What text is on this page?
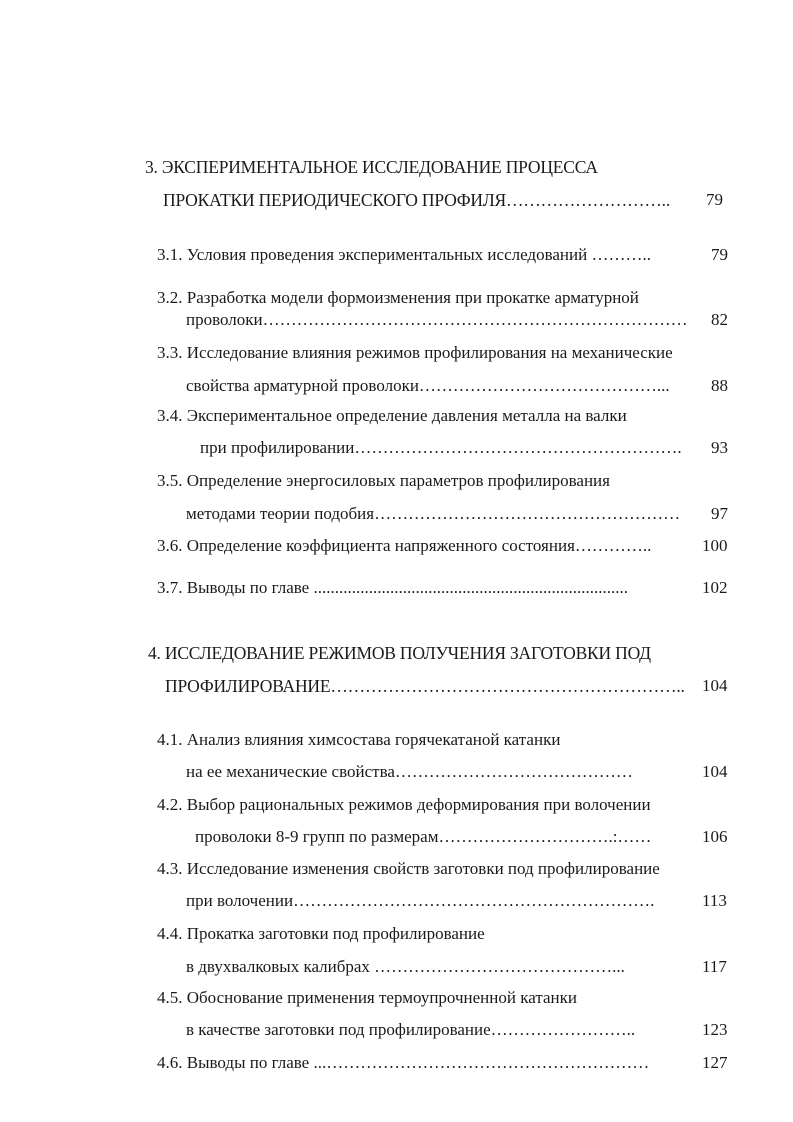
3. ЭКСПЕРИМЕНТАЛЬНОЕ ИССЛЕДОВАНИЕ ПРОЦЕССА
ПРОКАТКИ ПЕРИОДИЧЕСКОГО ПРОФИЛЯ………………………..	79
3.1. Условия проведения экспериментальных исследований ………..	79
3.2. Разработка модели формоизменения при прокатке арматурной
проволоки…………………………………………………………………	82
3.3. Исследование влияния режимов профилирования на механические
свойства арматурной проволоки……………………………………...	88
3.4. Экспериментальное определение давления металла на валки
при профилировании………………………………………………….	93
3.5. Определение энергосиловых параметров профилирования
методами теории подобия………………………………………………	97
3.6. Определение коэффициента напряженного состояния…………..	100
3.7. Выводы по главе ..........................................................................	102
4. ИССЛЕДОВАНИЕ РЕЖИМОВ ПОЛУЧЕНИЯ ЗАГОТОВКИ ПОД
ПРОФИЛИРОВАНИЕ……………………………………………………..	104
4.1. Анализ влияния химсостава горячекатаной катанки
на ее механические свойства……………………………………	104
4.2. Выбор рациональных режимов деформирования при волочении
проволоки 8-9 групп по размерам………………………….:……	106
4.3. Исследование изменения свойств заготовки под профилирование
при волочении……………………………………………………….	113
4.4. Прокатка заготовки под профилирование
в двухвалковых калибрах ……………………………………...	117
4.5. Обоснование применения термоупрочненной катанки
в качестве заготовки под профилирование……………………..	123
4.6. Выводы по главе ...…………………………………………………	127
